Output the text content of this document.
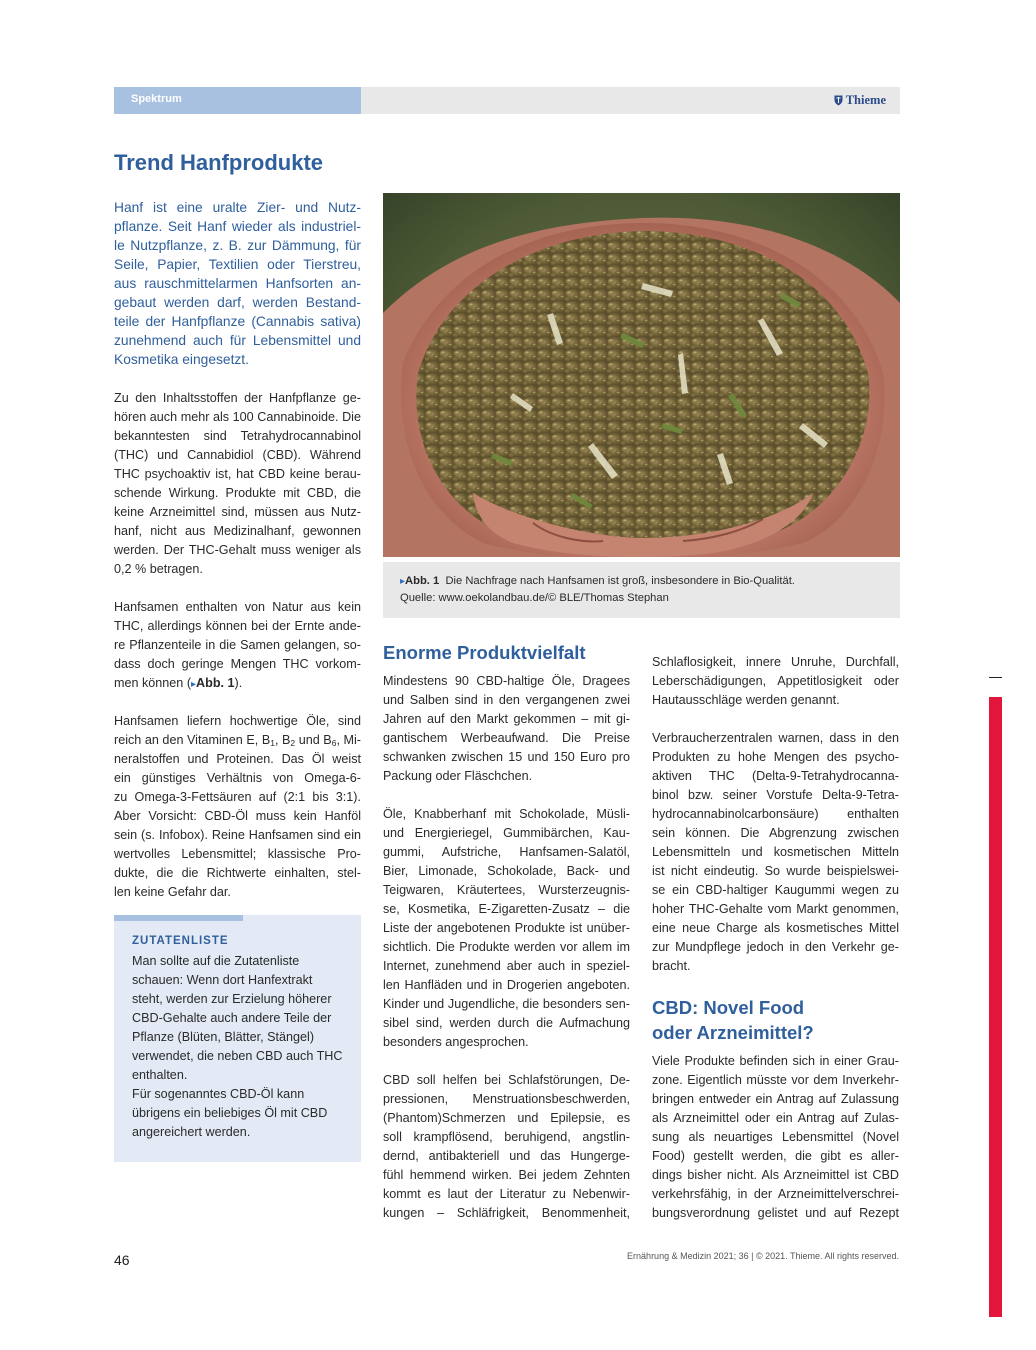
Spektrum	Thieme
Trend Hanfprodukte
Hanf ist eine uralte Zier- und Nutz-
pflanze. Seit Hanf wieder als industriel-
le Nutzpflanze, z. B. zur Dämmung, für
Seile, Papier, Textilien oder Tierstreu,
aus rauschmittelarmen Hanfsorten an-
gebaut werden darf, werden Bestand-
teile der Hanfpflanze (Cannabis sativa)
zunehmend auch für Lebensmittel und
Kosmetika eingesetzt.
Zu den Inhaltsstoffen der Hanfpflanze ge-
hören auch mehr als 100 Cannabinoide. Die
bekanntesten sind Tetrahydrocannabinol
(THC) und Cannabidiol (CBD). Während
THC psychoaktiv ist, hat CBD keine berau-
schende Wirkung. Produkte mit CBD, die
keine Arzneimittel sind, müssen aus Nutz-
hanf, nicht aus Medizinalhanf, gewonnen
werden. Der THC-Gehalt muss weniger als
0,2 % betragen.
Hanfsamen enthalten von Natur aus kein
THC, allerdings können bei der Ernte ande-
re Pflanzenteile in die Samen gelangen, so-
dass doch geringe Mengen THC vorkom-
men können (▸Abb. 1).
Hanfsamen liefern hochwertige Öle, sind
reich an den Vitaminen E, $B_1$, $B_2$ und $B_6$, Mi-
neralstoffen und Proteinen. Das Öl weist
ein günstiges Verhältnis von Omega-6-
zu Omega-3-Fettsäuren auf (2:1 bis 3:1).
Aber Vorsicht: CBD-Öl muss kein Hanföl
sein (s. Infobox). Reine Hanfsamen sind ein
wertvolles Lebensmittel; klassische Pro-
dukte, die die Richtwerte einhalten, stel-
len keine Gefahr dar.
ZUTATENLISTE
Man sollte auf die Zutatenliste
schauen: Wenn dort Hanfextrakt
steht, werden zur Erzielung höherer
CBD-Gehalte auch andere Teile der
Pflanze (Blüten, Blätter, Stängel)
verwendet, die neben CBD auch THC
enthalten.
Für sogenanntes CBD-Öl kann
übrigens ein beliebiges Öl mit CBD
angereichert werden.
▸Abb. 1 Die Nachfrage nach Hanfsamen ist groß, insbesondere in Bio-Qualität.
Quelle: www.oekolandbau.de/© BLE/Thomas Stephan
Enorme Produktvielfalt
Mindestens 90 CBD-haltige Öle, Dragees
und Salben sind in den vergangenen zwei
Jahren auf den Markt gekommen – mit gi-
gantischem Werbeaufwand. Die Preise
schwanken zwischen 15 und 150 Euro pro
Packung oder Fläschchen.
Öle, Knabberhanf mit Schokolade, Müsli-
und Energieriegel, Gummibärchen, Kau-
gummi, Aufstriche, Hanfsamen-Salatöl,
Bier, Limonade, Schokolade, Back- und
Teigwaren, Kräutertees, Wursterzeugnis-
se, Kosmetika, E-Zigaretten-Zusatz – die
Liste der angebotenen Produkte ist unüber-
sichtlich. Die Produkte werden vor allem im
Internet, zunehmend aber auch in speziel-
len Hanfläden und in Drogerien angeboten.
Kinder und Jugendliche, die besonders sen-
sibel sind, werden durch die Aufmachung
besonders angesprochen.
CBD soll helfen bei Schlafstörungen, De-
pressionen, Menstruationsbeschwerden,
(Phantom)Schmerzen und Epilepsie, es
soll krampflösend, beruhigend, angstlin-
dernd, antibakteriell und das Hungerge-
fühl hemmend wirken. Bei jedem Zehnten
kommt es laut der Literatur zu Nebenwir-
kungen – Schläfrigkeit, Benommenheit,
Schlaflosigkeit, innere Unruhe, Durchfall,
Leberschädigungen, Appetitlosigkeit oder
Hautausschläge werden genannt.
Verbraucherzentralen warnen, dass in den
Produkten zu hohe Mengen des psycho-
aktiven THC (Delta-9-Tetrahydrocanna-
binol bzw. seiner Vorstufe Delta-9-Tetra-
hydrocannabinolcarbonsäure) enthalten
sein können. Die Abgrenzung zwischen
Lebensmitteln und kosmetischen Mitteln
ist nicht eindeutig. So wurde beispielswei-
se ein CBD-haltiger Kaugummi wegen zu
hoher THC-Gehalte vom Markt genommen,
eine neue Charge als kosmetisches Mittel
zur Mundpflege jedoch in den Verkehr ge-
bracht.
CBD: Novel Food
oder Arzneimittel?
Viele Produkte befinden sich in einer Grau-
zone. Eigentlich müsste vor dem Inverkehr-
bringen entweder ein Antrag auf Zulassung
als Arzneimittel oder ein Antrag auf Zulas-
sung als neuartiges Lebensmittel (Novel
Food) gestellt werden, die gibt es aller-
dings bisher nicht. Als Arzneimittel ist CBD
verkehrsfähig, in der Arzneimittelverschrei-
bungsverordnung gelistet und auf Rezept
46	Ernährung & Medizin 2021; 36 | © 2021. Thieme. All rights reserved.
